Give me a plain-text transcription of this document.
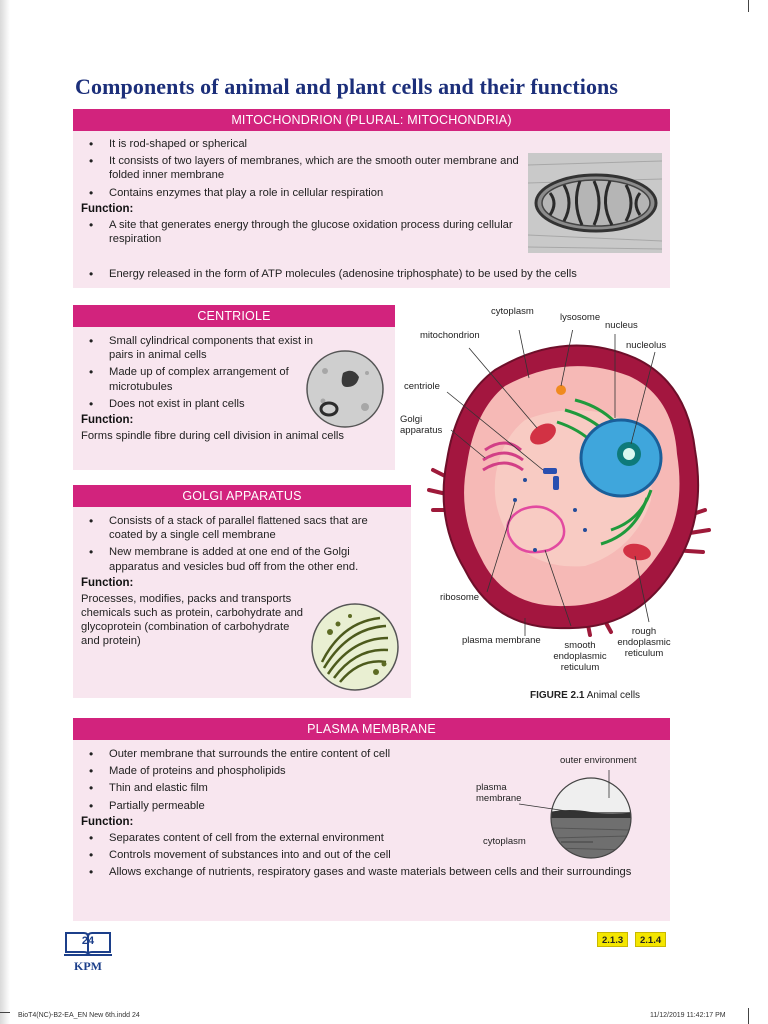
Components of animal and plant cells and their functions
MITOCHONDRION (PLURAL: MITOCHONDRIA)
• It is rod-shaped or spherical
• It consists of two layers of membranes, which are the smooth outer membrane and folded inner membrane
• Contains enzymes that play a role in cellular respiration
Function:
• A site that generates energy through the glucose oxidation process during cellular respiration
• Energy released in the form of ATP molecules (adenosine triphosphate) to be used by the cells
CENTRIOLE
• Small cylindrical components that exist in pairs in animal cells
• Made up of complex arrangement of microtubules
• Does not exist in plant cells
Function:
Forms spindle fibre during cell division in animal cells
GOLGI APPARATUS
• Consists of a stack of parallel flattened sacs that are coated by a single cell membrane
• New membrane is added at one end of the Golgi apparatus and vesicles bud off from the other end.
Function:
Processes, modifies, packs and transports chemicals such as protein, carbohydrate and glycoprotein (combination of carbohydrate and protein)
cytoplasm
lysosome
nucleus
mitochondrion
nucleolus
centriole
Golgi apparatus
ribosome
plasma membrane	smooth endoplasmic reticulum
rough endoplasmic reticulum
FIGURE 2.1 Animal cells
PLASMA MEMBRANE
• Outer membrane that surrounds the entire content of cell
• Made of proteins and phospholipids
• Thin and elastic film
• Partially permeable
Function:
• Separates content of cell from the external environment
• Controls movement of substances into and out of the cell
• Allows exchange of nutrients, respiratory gases and waste materials between cells and their surroundings
outer environment
plasma membrane
cytoplasm
24
KPM
2.1.3	2.1.4
BioT4(NC)-B2-EA_EN New 6th.indd 24	11/12/2019 11:42:17 PM
